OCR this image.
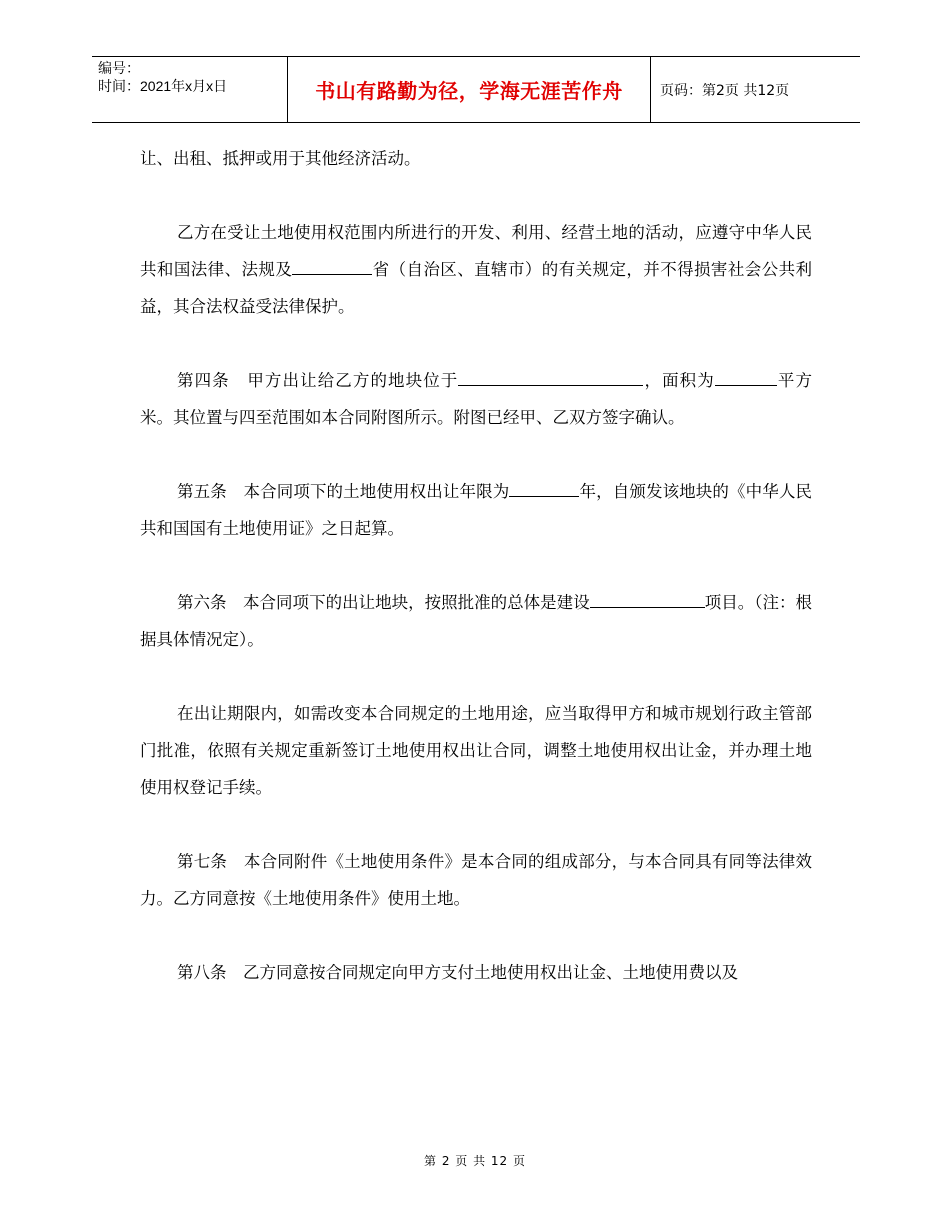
编号：
时间：2021年x月x日	书山有路勤为径，学海无涯苦作舟	页码：第2页 共12页

让、出租、抵押或用于其他经济活动。

乙方在受让土地使用权范围内所进行的开发、利用、经营土地的活动，应遵守中华人民共和国法律、法规及	省（自治区、直辖市）的有关规定，并不得损害社会公共利益，其合法权益受法律保护。

第四条　甲方出让给乙方的地块位于	，面积为	平方米。其位置与四至范围如本合同附图所示。附图已经甲、乙双方签字确认。

第五条　本合同项下的土地使用权出让年限为	年，自颁发该地块的《中华人民共和国国有土地使用证》之日起算。

第六条　本合同项下的出让地块，按照批准的总体是建设	项目。（注：根据具体情况定）。

在出让期限内，如需改变本合同规定的土地用途，应当取得甲方和城市规划行政主管部门批准，依照有关规定重新签订土地使用权出让合同，调整土地使用权出让金，并办理土地使用权登记手续。

第七条　本合同附件《土地使用条件》是本合同的组成部分，与本合同具有同等法律效力。乙方同意按《土地使用条件》使用土地。

第八条　乙方同意按合同规定向甲方支付土地使用权出让金、土地使用费以及

第 2 页 共 12 页
